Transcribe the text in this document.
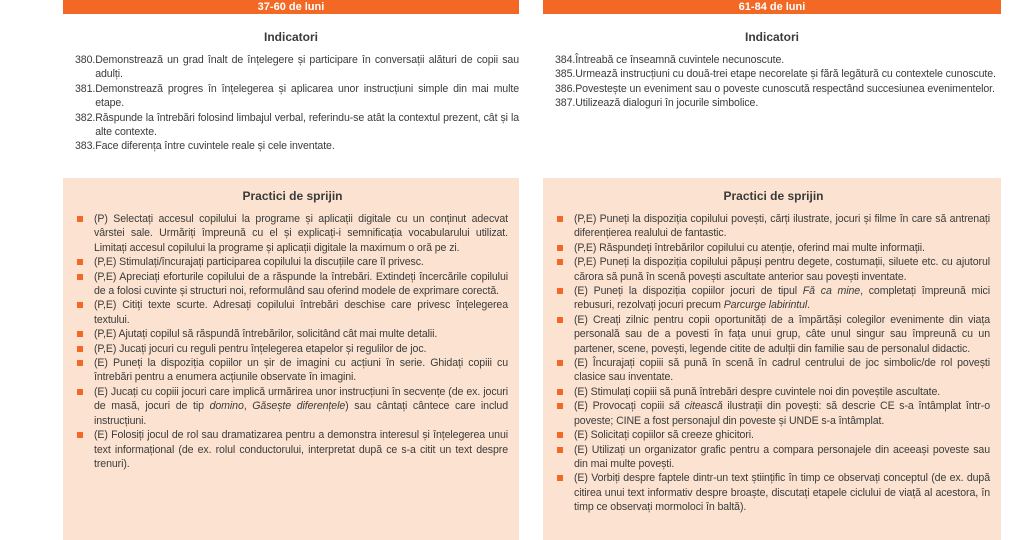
37-60 de luni
Indicatori
380. Demonstrează un grad înalt de înțelegere și participare în conversații alături de copii sau adulți.
381. Demonstrează progres în înțelegerea și aplicarea unor instrucțiuni simple din mai multe etape.
382. Răspunde la întrebări folosind limbajul verbal, referindu-se atât la contextul prezent, cât și la alte contexte.
383. Face diferența între cuvintele reale și cele inventate.
Practici de sprijin
(P) Selectați accesul copilului la programe și aplicații digitale cu un conținut adecvat vârstei sale. Urmăriți împreună cu el și explicați-i semnificația vocabularului utilizat. Limitați accesul copilului la programe și aplicații digitale la maximum o oră pe zi.
(P,E) Stimulați/încurajați participarea copilului la discuțiile care îl privesc.
(P,E) Apreciați eforturile copilului de a răspunde la întrebări. Extindeți încercările copilului de a folosi cuvinte și structuri noi, reformulând sau oferind modele de exprimare corectă.
(P,E) Citiți texte scurte. Adresați copilului întrebări deschise care privesc înțelegerea textului.
(P,E) Ajutați copilul să răspundă întrebărilor, solicitând cât mai multe detalii.
(P,E) Jucați jocuri cu reguli pentru înțelegerea etapelor și regulilor de joc.
(E) Puneți la dispoziția copiilor un șir de imagini cu acțiuni în serie. Ghidați copiii cu întrebări pentru a enumera acțiunile observate în imagini.
(E) Jucați cu copiii jocuri care implică urmărirea unor instrucțiuni în secvențe (de ex. jocuri de masă, jocuri de tip domino, Găsește diferențele) sau cântați cântece care includ instrucțiuni.
(E) Folosiți jocul de rol sau dramatizarea pentru a demonstra interesul și înțelegerea unui text informațional (de ex. rolul conductorului, interpretat după ce s-a citit un text despre trenuri).
61-84 de luni
Indicatori
384. Întreabă ce înseamnă cuvintele necunoscute.
385. Urmează instrucțiuni cu două-trei etape necorelate și fără legătură cu contextele cunoscute.
386. Povestește un eveniment sau o poveste cunoscută respectând succesiunea evenimentelor.
387. Utilizează dialoguri în jocurile simbolice.
Practici de sprijin
(P,E) Puneți la dispoziția copilului povești, cărți ilustrate, jocuri și filme în care să antrenați diferențierea realului de fantastic.
(P,E) Răspundeți întrebărilor copilului cu atenție, oferind mai multe informații.
(P,E) Puneți la dispoziția copilului păpuși pentru degete, costumații, siluete etc. cu ajutorul cărora să pună în scenă povești ascultate anterior sau povești inventate.
(E) Puneți la dispoziția copiilor jocuri de tipul Fă ca mine, completați împreună mici rebusuri, rezolvați jocuri precum Parcurge labirintul.
(E) Creați zilnic pentru copii oportunități de a împărtăși colegilor evenimente din viața personală sau de a povesti în fața unui grup, câte unul singur sau împreună cu un partener, scene, povești, legende citite de adulții din familie sau de personalul didactic.
(E) Încurajați copiii să pună în scenă în cadrul centrului de joc simbolic/de rol povești clasice sau inventate.
(E) Stimulați copiii să pună întrebări despre cuvintele noi din poveștile ascultate.
(E) Provocați copiii să citească ilustrații din povești: să descrie CE s-a întâmplat într-o poveste; CINE a fost personajul din poveste și UNDE s-a întâmplat.
(E) Solicitați copiilor să creeze ghicitori.
(E) Utilizați un organizator grafic pentru a compara personajele din aceeași poveste sau din mai multe povești.
(E) Vorbiți despre faptele dintr-un text științific în timp ce observați conceptul (de ex. după citirea unui text informativ despre broaște, discutați etapele ciclului de viață al acestora, în timp ce observați mormoloci în baltă).
